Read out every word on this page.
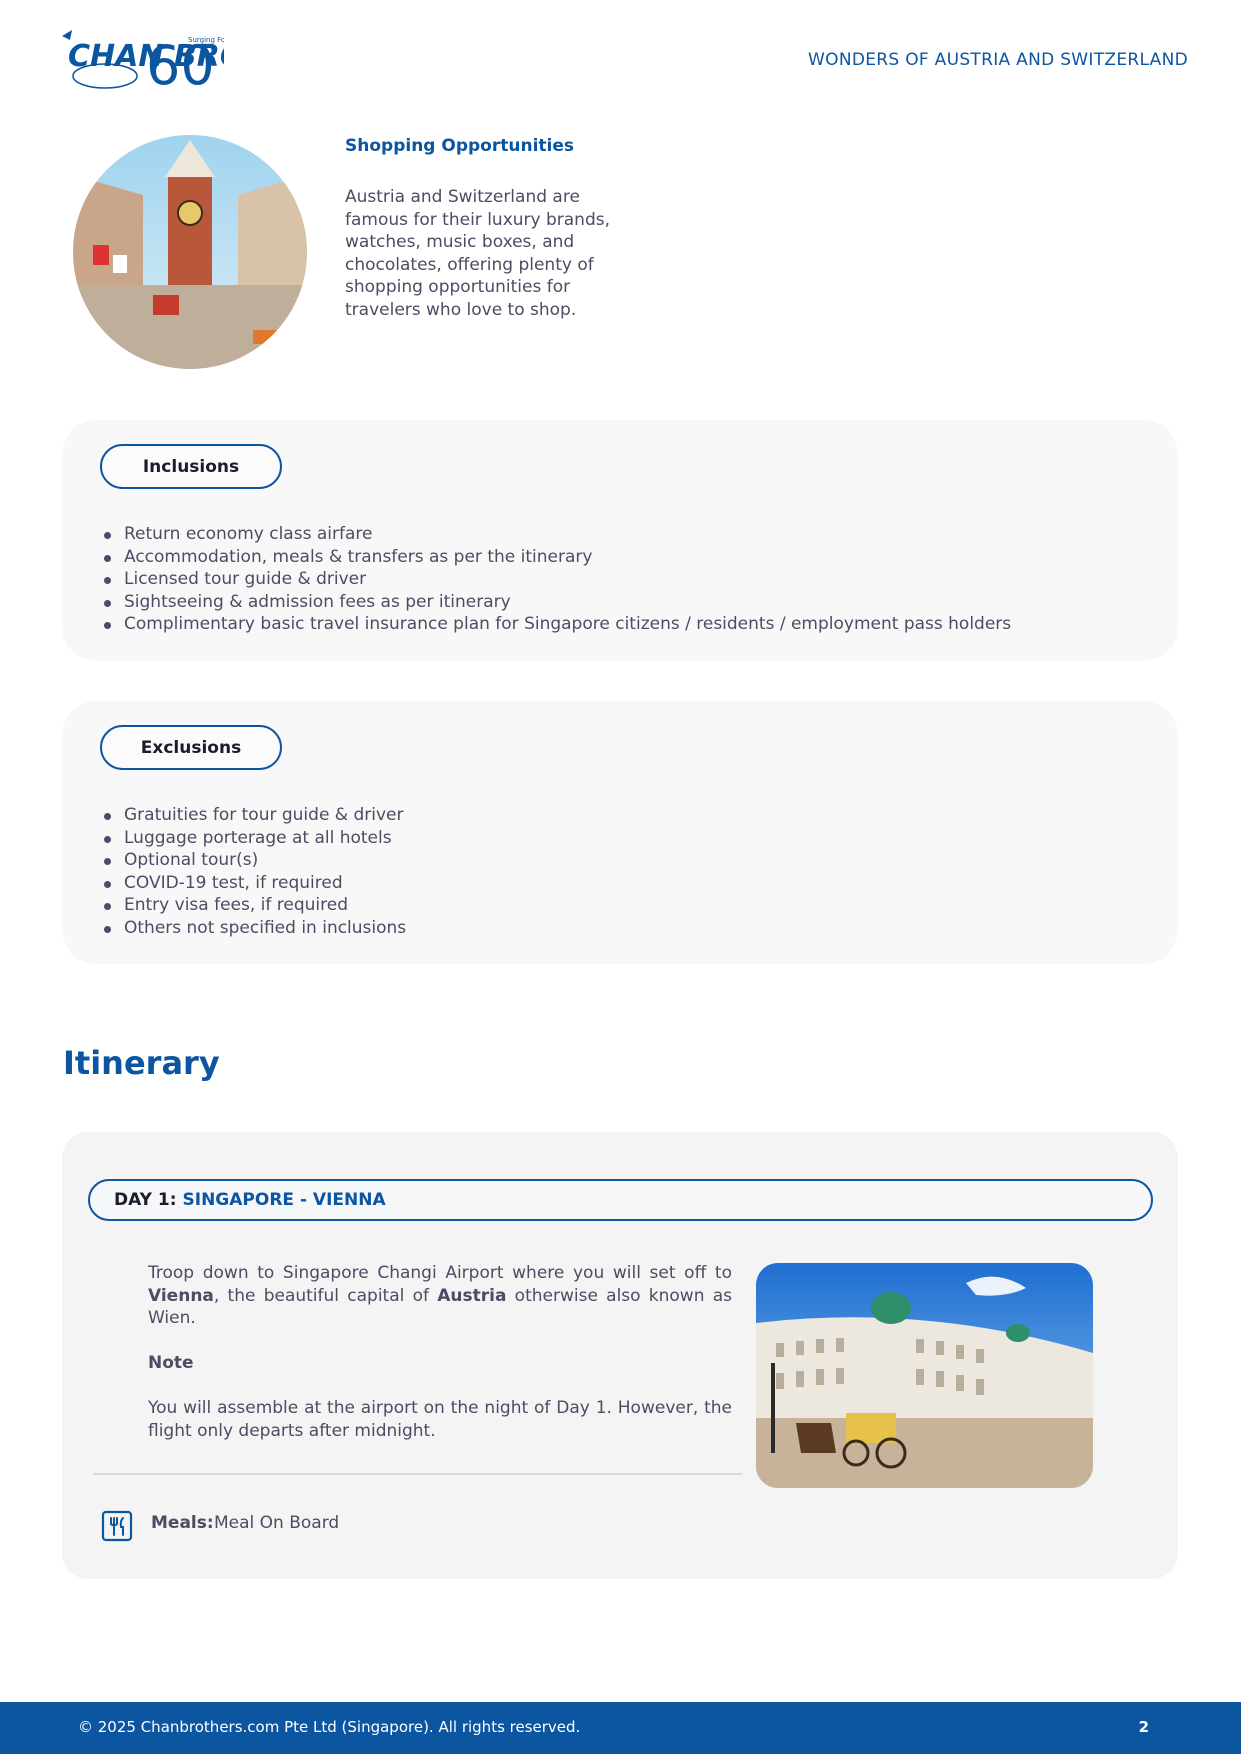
CHAN BR
60
Surging Fo
WONDERS OF AUSTRIA AND SWITZERLAND
Shopping Opportunities
Austria and Switzerland are famous for their luxury brands, watches, music boxes, and chocolates, offering plenty of shopping opportunities for travelers who love to shop.
Inclusions
Return economy class airfare
Accommodation, meals & transfers as per the itinerary
Licensed tour guide & driver
Sightseeing & admission fees as per itinerary
Complimentary basic travel insurance plan for Singapore citizens / residents / employment pass holders
Exclusions
Gratuities for tour guide & driver
Luggage porterage at all hotels
Optional tour(s)
COVID-19 test, if required
Entry visa fees, if required
Others not specified in inclusions
Itinerary
DAY 1: SINGAPORE - VIENNA

Troop down to Singapore Changi Airport where you will set off to Vienna, the beautiful capital of Austria otherwise also known as Wien.

Note

You will assemble at the airport on the night of Day 1. However, the flight only departs after midnight.

Meals: Meal On Board
© 2025 Chanbrothers.com Pte Ltd (Singapore). All rights reserved.	2
